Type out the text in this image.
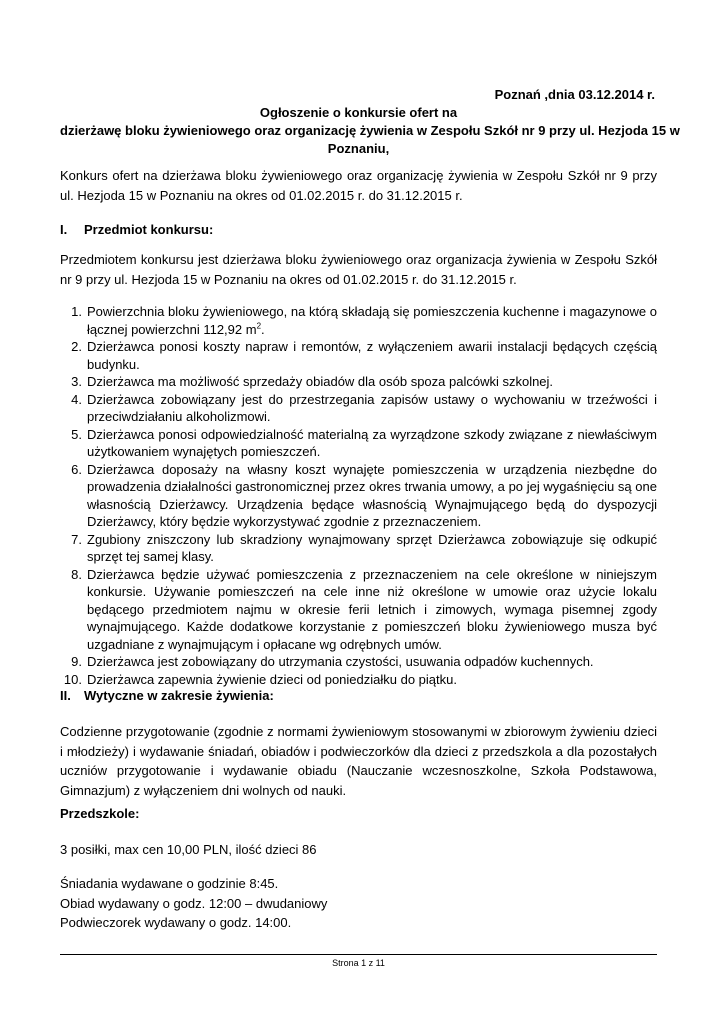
Poznań ,dnia 03.12.2014 r.
Ogłoszenie o konkursie ofert na
dzierżawę bloku żywieniowego oraz organizację żywienia w Zespołu Szkół nr 9 przy ul. Hezjoda 15 w
Poznaniu,
Konkurs ofert na dzierżawa bloku żywieniowego oraz organizację żywienia w Zespołu Szkół nr 9 przy ul. Hezjoda 15 w Poznaniu na okres od 01.02.2015 r. do 31.12.2015 r.
I. Przedmiot konkursu:
Przedmiotem konkursu jest dzierżawa bloku żywieniowego oraz organizacja żywienia w Zespołu Szkół nr 9 przy ul. Hezjoda 15 w Poznaniu na okres od 01.02.2015 r. do 31.12.2015 r.
1. Powierzchnia bloku żywieniowego, na którą składają się pomieszczenia kuchenne i magazynowe o łącznej powierzchni 112,92 $m^2$.
2. Dzierżawca ponosi koszty napraw i remontów, z wyłączeniem awarii instalacji będących częścią budynku.
3. Dzierżawca ma możliwość sprzedaży obiadów dla osób spoza palcówki szkolnej.
4. Dzierżawca zobowiązany jest do przestrzegania zapisów ustawy o wychowaniu w trzeźwości i przeciwdziałaniu alkoholizmowi.
5. Dzierżawca ponosi odpowiedzialność materialną za wyrządzone szkody związane z niewłaściwym użytkowaniem wynajętych pomieszczeń.
6. Dzierżawca doposaży na własny koszt wynajęte pomieszczenia w urządzenia niezbędne do prowadzenia działalności gastronomicznej przez okres trwania umowy, a po jej wygaśnięciu są one własnością Dzierżawcy. Urządzenia będące własnością Wynajmującego będą do dyspozycji Dzierżawcy, który będzie wykorzystywać zgodnie z przeznaczeniem.
7. Zgubiony zniszczony lub skradziony wynajmowany sprzęt Dzierżawca zobowiązuje się odkupić sprzęt tej samej klasy.
8. Dzierżawca będzie używać pomieszczenia z przeznaczeniem na cele określone w niniejszym konkursie. Używanie pomieszczeń na cele inne niż określone w umowie oraz użycie lokalu będącego przedmiotem najmu w okresie ferii letnich i zimowych, wymaga pisemnej zgody wynajmującego. Każde dodatkowe korzystanie z pomieszczeń bloku żywieniowego musza być uzgadniane z wynajmującym i opłacane wg odrębnych umów.
9. Dzierżawca jest zobowiązany do utrzymania czystości, usuwania odpadów kuchennych.
10. Dzierżawca zapewnia żywienie dzieci od poniedziałku do piątku.
II. Wytyczne w zakresie żywienia:
Codzienne przygotowanie (zgodnie z normami żywieniowym stosowanymi w zbiorowym żywieniu dzieci i młodzieży) i wydawanie śniadań, obiadów i podwieczorków dla dzieci z przedszkola a dla pozostałych uczniów przygotowanie i wydawanie obiadu (Nauczanie wczesnoszkolne, Szkoła Podstawowa, Gimnazjum) z wyłączeniem dni wolnych od nauki.
Przedszkole:
3 posiłki, max cen 10,00 PLN, ilość dzieci 86
Śniadania wydawane o godzinie 8:45.
Obiad wydawany o godz. 12:00 – dwudaniowy
Podwieczorek wydawany o godz. 14:00.
Strona 1 z 11
